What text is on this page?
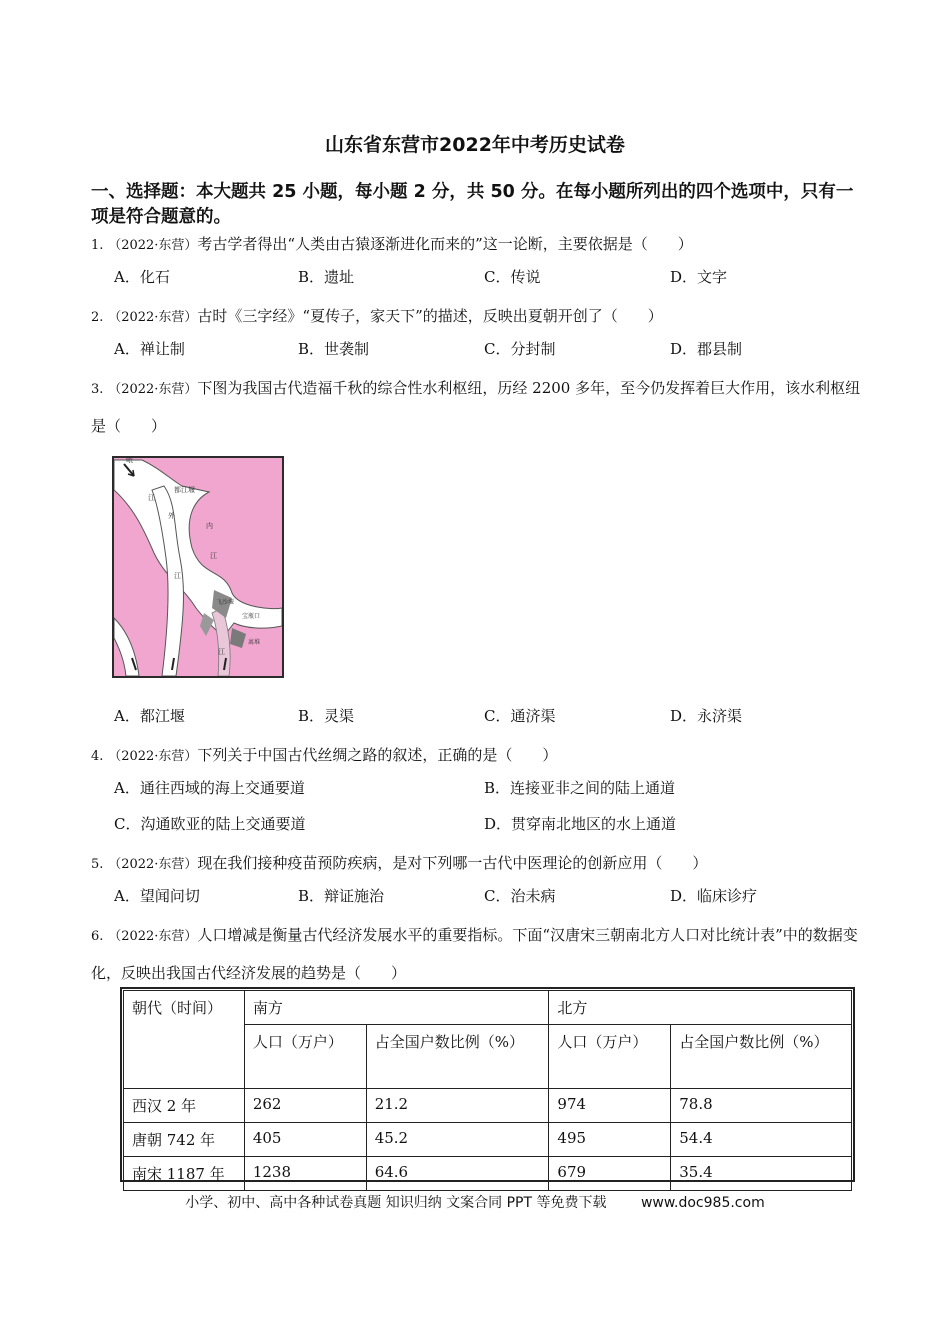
山东省东营市2022年中考历史试卷
一、选择题：本大题共 25 小题，每小题 2 分，共 50 分。在每小题所列出的四个选项中，只有一项是符合题意的。
1. （2022·东营）考古学者得出“人类由古猿逐渐进化而来的”这一论断，主要依据是（　　）
A．化石	B．遗址	C．传说	D．文字
2. （2022·东营）古时《三字经》“夏传子，家天下”的描述，反映出夏朝开创了（　　）
A．禅让制	B．世袭制	C．分封制	D．郡县制
3. （2022·东营）下图为我国古代造福千秋的综合性水利枢纽，历经 2200 多年，至今仍发挥着巨大作用，该水利枢纽是（　　）
岷
江
都江堰
内
江
外
江
飞沙堰
宝瓶口
离堆
江
A．都江堰	B．灵渠	C．通济渠	D．永济渠
4. （2022·东营）下列关于中国古代丝绸之路的叙述，正确的是（　　）
A．通往西域的海上交通要道	B．连接亚非之间的陆上通道
C．沟通欧亚的陆上交通要道	D．贯穿南北地区的水上通道
5. （2022·东营）现在我们接种疫苗预防疾病，是对下列哪一古代中医理论的创新应用（　　）
A．望闻问切	B．辩证施治	C．治未病	D．临床诊疗
6. （2022·东营）人口增减是衡量古代经济发展水平的重要指标。下面“汉唐宋三朝南北方人口对比统计表”中的数据变化，反映出我国古代经济发展的趋势是（　　）
朝代（时间）	南方		北方	
	人口（万户）	占全国户数比例（%）	人口（万户）	占全国户数比例（%）
西汉 2 年	262	21.2	974	78.8
唐朝 742 年	405	45.2	495	54.4
南宋 1187 年	1238	64.6	679	35.4
小学、初中、高中各种试卷真题 知识归纳 文案合同 PPT 等免费下载 www.doc985.com
